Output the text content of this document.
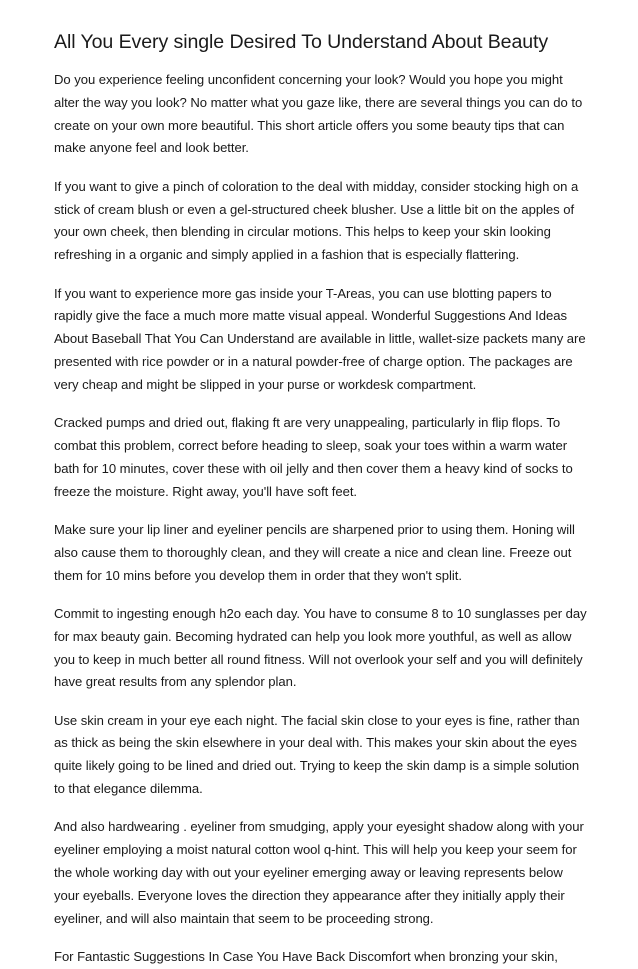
All You Every single Desired To Understand About Beauty

Do you experience feeling unconfident concerning your look? Would you hope you might
alter the way you look? No matter what you gaze like, there are several things you can do to
create on your own more beautiful. This short article offers you some beauty tips that can
make anyone feel and look better.

If you want to give a pinch of coloration to the deal with midday, consider stocking high on a
stick of cream blush or even a gel-structured cheek blusher. Use a little bit on the apples of
your own cheek, then blending in circular motions. This helps to keep your skin looking
refreshing in a organic and simply applied in a fashion that is especially flattering.

If you want to experience more gas inside your T-Areas, you can use blotting papers to
rapidly give the face a much more matte visual appeal. Wonderful Suggestions And Ideas
About Baseball That You Can Understand are available in little, wallet-size packets many are
presented with rice powder or in a natural powder-free of charge option. The packages are
very cheap and might be slipped in your purse or workdesk compartment.

Cracked pumps and dried out, flaking ft are very unappealing, particularly in flip flops. To
combat this problem, correct before heading to sleep, soak your toes within a warm water
bath for 10 minutes, cover these with oil jelly and then cover them a heavy kind of socks to
freeze the moisture. Right away, you'll have soft feet.

Make sure your lip liner and eyeliner pencils are sharpened prior to using them. Honing will
also cause them to thoroughly clean, and they will create a nice and clean line. Freeze out
them for 10 mins before you develop them in order that they won't split.

Commit to ingesting enough h2o each day. You have to consume 8 to 10 sunglasses per day
for max beauty gain. Becoming hydrated can help you look more youthful, as well as allow
you to keep in much better all round fitness. Will not overlook your self and you will definitely
have great results from any splendor plan.

Use skin cream in your eye each night. The facial skin close to your eyes is fine, rather than
as thick as being the skin elsewhere in your deal with. This makes your skin about the eyes
quite likely going to be lined and dried out. Trying to keep the skin damp is a simple solution
to that elegance dilemma.

And also hardwearing . eyeliner from smudging, apply your eyesight shadow along with your
eyeliner employing a moist natural cotton wool q-hint. This will help you keep your seem for
the whole working day with out your eyeliner emerging away or leaving represents below
your eyeballs. Everyone loves the direction they appearance after they initially apply their
eyeliner, and will also maintain that seem to be proceeding strong.

For Fantastic Suggestions In Case You Have Back Discomfort when bronzing your skin,
